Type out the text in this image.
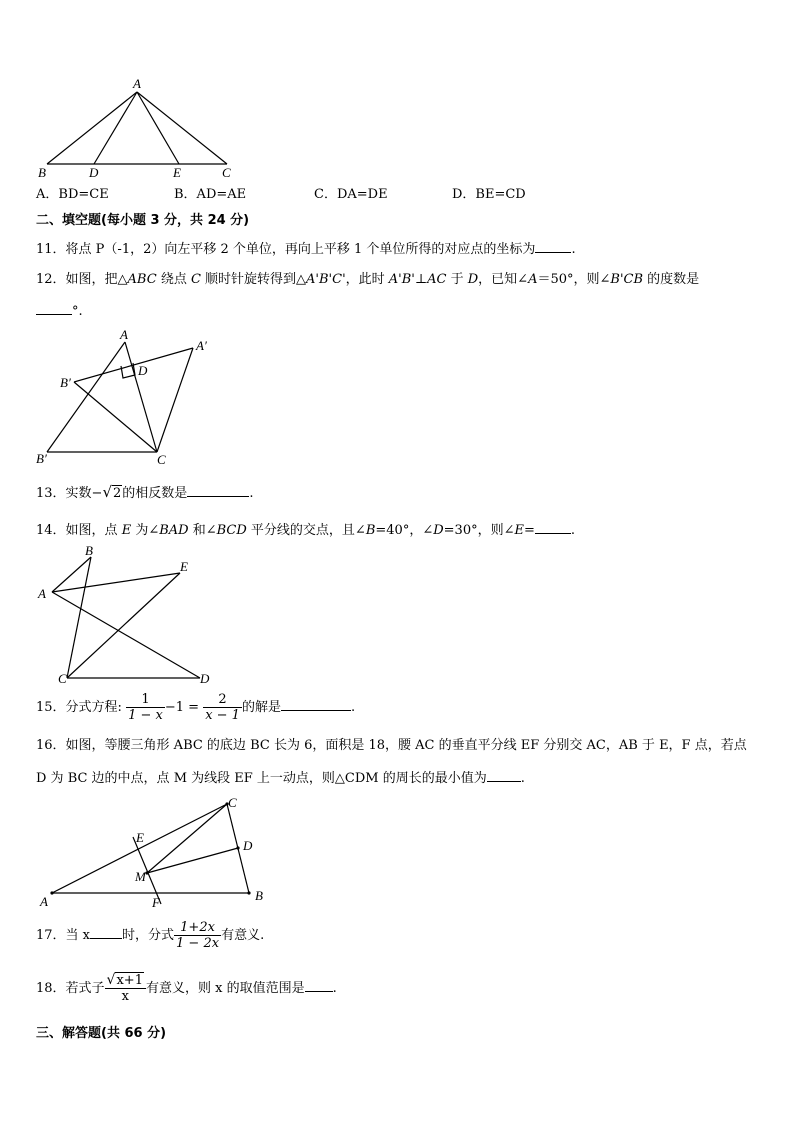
A
B	D	E	C
A．BD=CE	B．AD=AE	C．DA=DE	D．BE=CD
二、填空题(每小题 3 分，共 24 分)
11．将点 P（-1，2）向左平移 2 个单位，再向上平移 1 个单位所得的对应点的坐标为	.
12．如图，把△ABC 绕点 C 顺时针旋转得到△A'B'C'，此时 A'B'⊥AC 于 D，已知∠A＝50°，则∠B'CB 的度数是
°.
A
A′
B′
D
B′	C
13．实数−√2的相反数是	.
14．如图，点 E 为∠BAD 和∠BCD 平分线的交点，且∠B=40°，∠D=30°，则∠E=	.
B
E
A
C	D
15．分式方程: $\frac{1}{1 - x} -1 = \frac{2}{x - 1}$ 的解是	.
16．如图，等腰三角形 ABC 的底边 BC 长为 6，面积是 18，腰 AC 的垂直平分线 EF 分别交 AC，AB 于 E，F 点，若点
D 为 BC 边的中点，点 M 为线段 EF 上一动点，则△CDM 的周长的最小值为	.
C
E
D
M
A	F	B
17．当 x 时，分式 $\frac{1+2x}{1 - 2x}$ 有意义.
18．若式子 $\frac{√x+1}{x}$ 有意义，则 x 的取值范围是 .
三、解答题(共 66 分)
